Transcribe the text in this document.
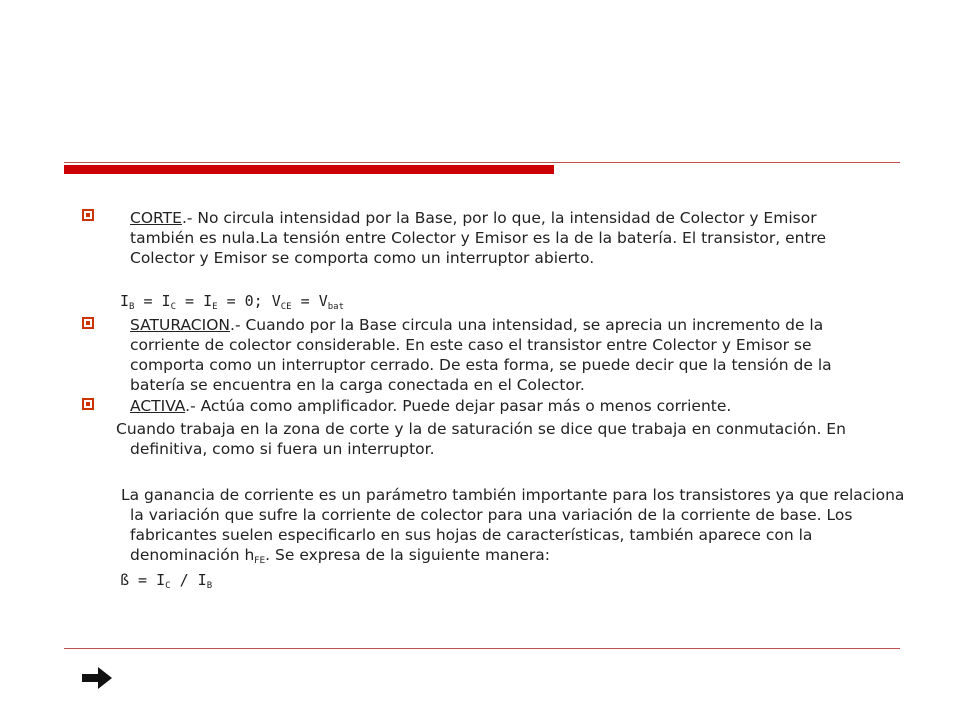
CORTE.- No circula intensidad por la Base, por lo que, la intensidad de Colector y Emisor también es nula.La tensión entre Colector y Emisor es la de la batería. El transistor, entre Colector y Emisor se comporta como un interruptor abierto.

$I_B = I_C = I_E = 0$; $V_{CE} = V_{bat}$

SATURACION.- Cuando por la Base circula una intensidad, se aprecia un incremento de la corriente de colector considerable. En este caso el transistor entre Colector y Emisor se comporta como un interruptor cerrado. De esta forma, se puede decir que la tensión de la batería se encuentra en la carga conectada en el Colector.

ACTIVA.- Actúa como amplificador. Puede dejar pasar más o menos corriente.

Cuando trabaja en la zona de corte y la de saturación se dice que trabaja en conmutación. En definitiva, como si fuera un interruptor.

La ganancia de corriente es un parámetro también importante para los transistores ya que relaciona la variación que sufre la corriente de colector para una variación de la corriente de base. Los fabricantes suelen especificarlo en sus hojas de características, también aparece con la denominación $h_{FE}$. Se expresa de la siguiente manera:

ß = $I_C / I_B$
